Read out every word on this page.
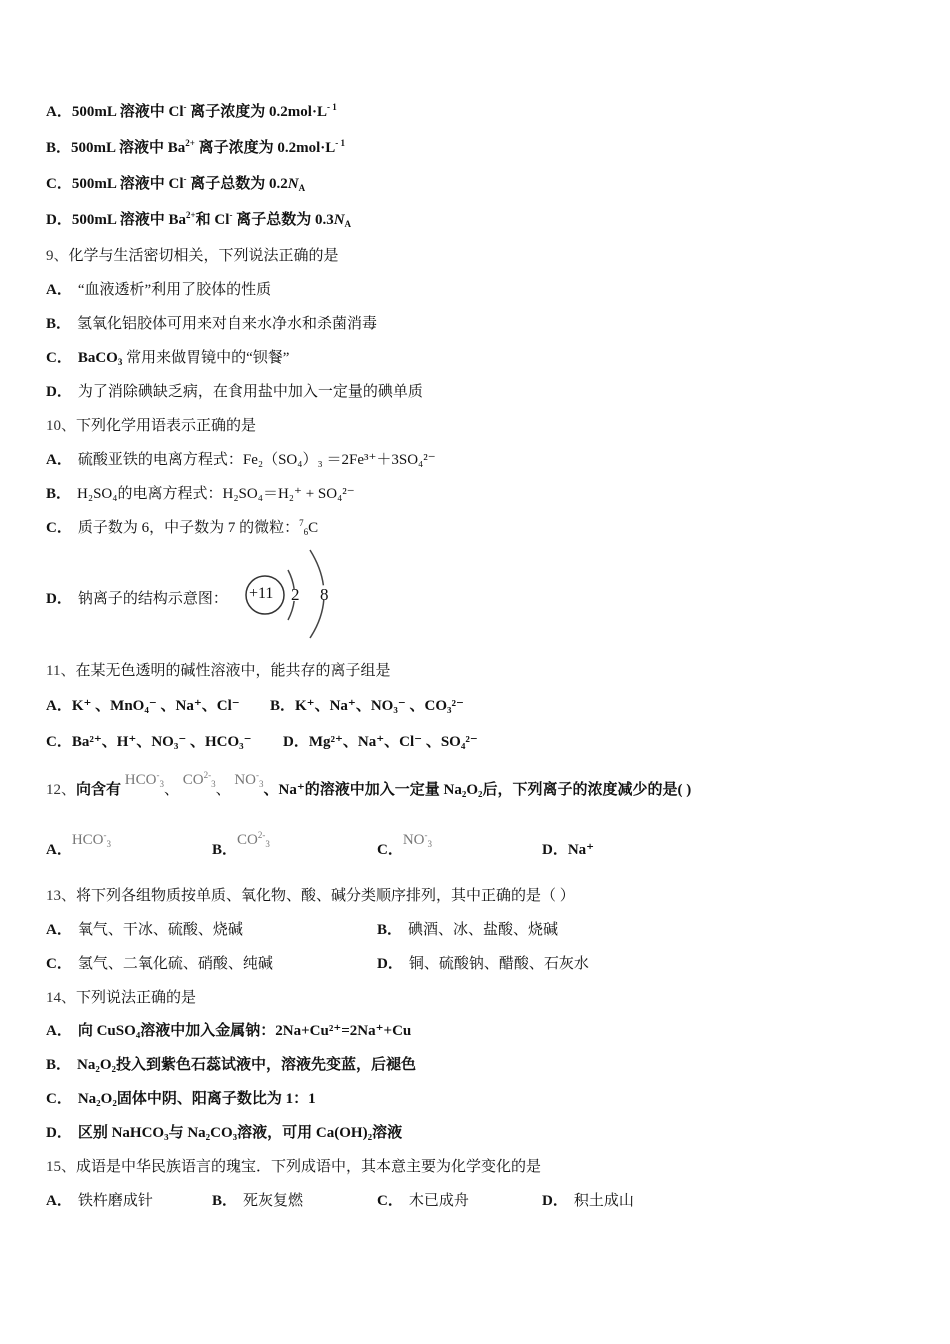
A．500mL 溶液中 Cl- 离子浓度为 $0.2mol\cdot L^{- 1}$
B．500mL 溶液中 $Ba^{2+}$ 离子浓度为 $0.2mol\cdot L^{- 1}$
C．500mL 溶液中 Cl- 离子总数为 $0.2N_A$
D．500mL 溶液中 $Ba^{2+}$和 Cl- 离子总数为 $0.3N_A$
9、化学与生活密切相关，下列说法正确的是
A． “血液透析”利用了胶体的性质
B． 氢氧化铝胶体可用来对自来水净水和杀菌消毒
C． BaCO$_3$ 常用来做胃镜中的“钡餐”
D． 为了消除碘缺乏病，在食用盐中加入一定量的碘单质
10、下列化学用语表示正确的是
A． 硫酸亚铁的电离方程式：Fe₂（SO₄）₃ ＝2Fe³⁺＋3SO₄²⁻
B． H₂SO₄的电离方程式：H₂SO₄＝H₂⁺ + SO₄²⁻
C． 质子数为 6，中子数为 7 的微粒：$^7_6$C
D． 钠离子的结构示意图： +11 2 8
11、在某无色透明的碱性溶液中，能共存的离子组是
A．K⁺ 、MnO₄⁻ 、Na⁺、Cl⁻ B．K⁺、Na⁺、NO₃⁻ 、CO₃²⁻
C．Ba²⁺、H⁺、NO₃⁻ 、HCO₃⁻ D．Mg²⁺、Na⁺、Cl⁻ 、SO₄²⁻
12、向含有 $HCO^-_3$、 $CO^{2-}_3$、 $NO^-_3$、Na⁺的溶液中加入一定量 Na₂O₂后，下列离子的浓度减少的是( )
A．$HCO^-_3$	B．$CO^{2-}_3$	C．$NO^-_3$	D．Na⁺
13、将下列各组物质按单质、氧化物、酸、碱分类顺序排列，其中正确的是（ ）
A． 氧气、干冰、硫酸、烧碱	B． 碘酒、冰、盐酸、烧碱
C． 氢气、二氧化硫、硝酸、纯碱	D． 铜、硫酸钠、醋酸、石灰水
14、下列说法正确的是
A． 向 CuSO₄溶液中加入金属钠：2Na+Cu²⁺=2Na⁺+Cu
B． Na₂O₂投入到紫色石蕊试液中，溶液先变蓝，后褪色
C． Na₂O₂固体中阴、阳离子数比为 1：1
D． 区别 NaHCO₃与 Na₂CO₃溶液，可用 Ca(OH)₂溶液
15、成语是中华民族语言的瑰宝．下列成语中，其本意主要为化学变化的是
A． 铁杵磨成针	B． 死灰复燃	C． 木已成舟	D． 积土成山
